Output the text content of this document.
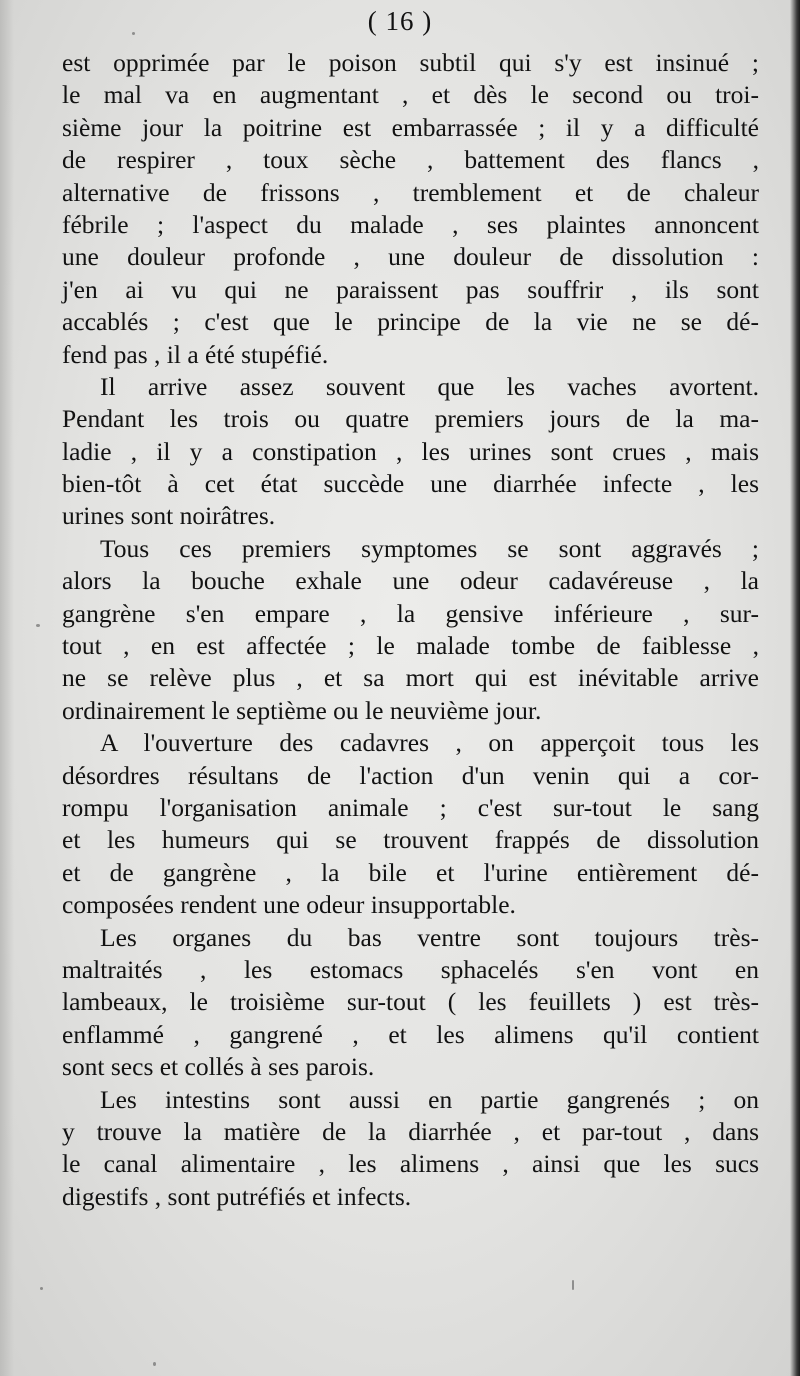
( 16 )
est opprimée par le poison subtil qui s'y est insinué ;
le mal va en augmentant , et dès le second ou troi-
sième jour la poitrine est embarrassée ; il y a difficulté
de respirer , toux sèche , battement des flancs ,
alternative de frissons , tremblement et de chaleur
fébrile ; l'aspect du malade , ses plaintes annoncent
une douleur profonde , une douleur de dissolution :
j'en ai vu qui ne paraissent pas souffrir , ils sont
accablés ; c'est que le principe de la vie ne se dé-
fend pas , il a été stupéfié.
Il arrive assez souvent que les vaches avortent.
Pendant les trois ou quatre premiers jours de la ma-
ladie , il y a constipation , les urines sont crues , mais
bien-tôt à cet état succède une diarrhée infecte , les
urines sont noirâtres.
Tous ces premiers symptomes se sont aggravés ;
alors la bouche exhale une odeur cadavéreuse , la
gangrène s'en empare , la gensive inférieure , sur-
tout , en est affectée ; le malade tombe de faiblesse ,
ne se relève plus , et sa mort qui est inévitable arrive
ordinairement le septième ou le neuvième jour.
A l'ouverture des cadavres , on apperçoit tous les
désordres résultans de l'action d'un venin qui a cor-
rompu l'organisation animale ; c'est sur-tout le sang
et les humeurs qui se trouvent frappés de dissolution
et de gangrène , la bile et l'urine entièrement dé-
composées rendent une odeur insupportable.
Les organes du bas ventre sont toujours très-
maltraités , les estomacs sphacelés s'en vont en
lambeaux, le troisième sur-tout ( les feuillets ) est très-
enflammé , gangrené , et les alimens qu'il contient
sont secs et collés à ses parois.
Les intestins sont aussi en partie gangrenés ; on
y trouve la matière de la diarrhée , et par-tout , dans
le canal alimentaire , les alimens , ainsi que les sucs
digestifs , sont putréfiés et infects.
